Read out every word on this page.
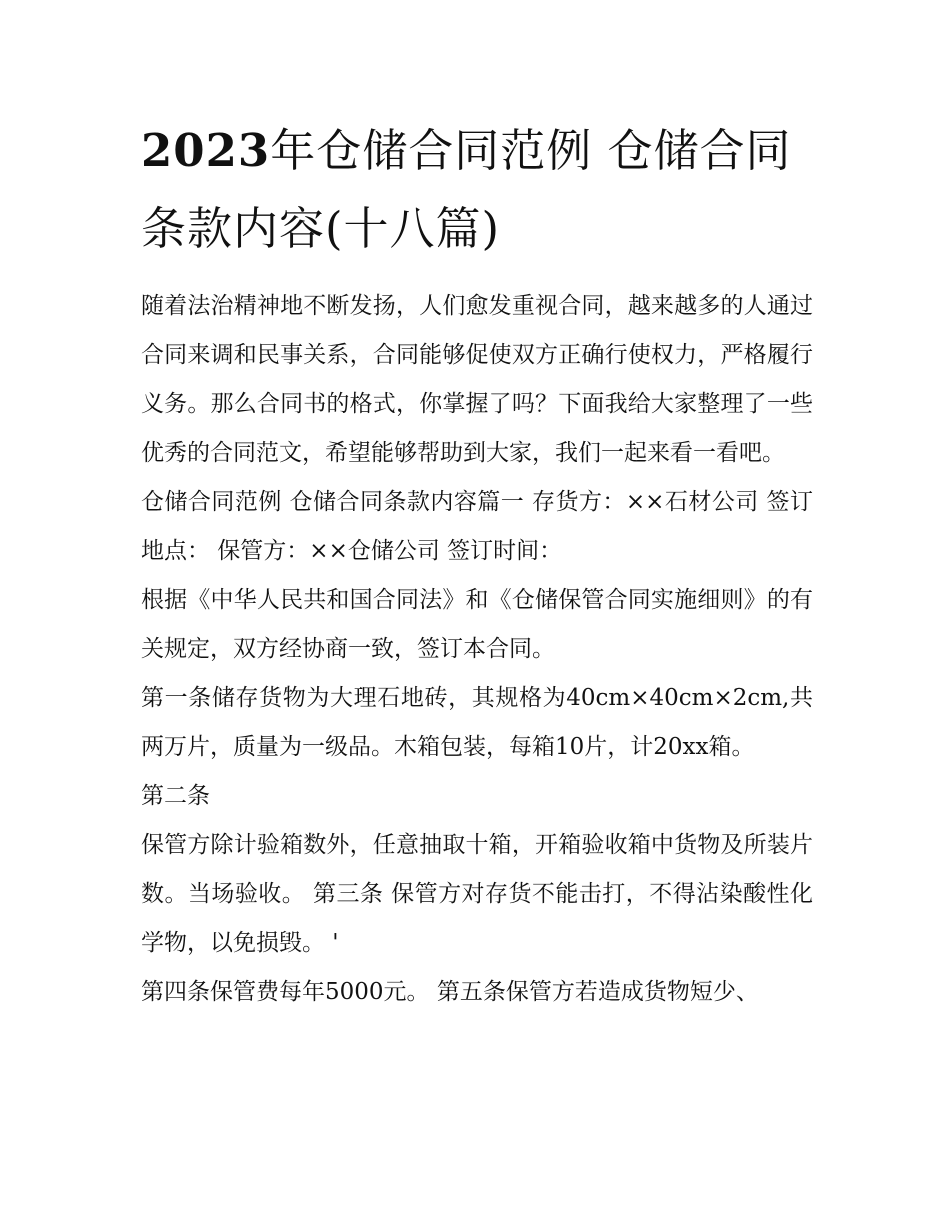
2023年仓储合同范例 仓储合同条款内容(十八篇)

随着法治精神地不断发扬，人们愈发重视合同，越来越多的人通过合同来调和民事关系，合同能够促使双方正确行使权力，严格履行义务。那么合同书的格式，你掌握了吗？下面我给大家整理了一些优秀的合同范文，希望能够帮助到大家，我们一起来看一看吧。

仓储合同范例 仓储合同条款内容篇一 存货方：××石材公司 签订地点： 保管方：××仓储公司 签订时间：

根据《中华人民共和国合同法》和《仓储保管合同实施细则》的有关规定，双方经协商一致，签订本合同。

第一条储存货物为大理石地砖，其规格为40cm×40cm×2cm,共两万片，质量为一级品。木箱包装，每箱10片，计20xx箱。

第二条

保管方除计验箱数外，任意抽取十箱，开箱验收箱中货物及所装片数。当场验收。 第三条 保管方对存货不能击打，不得沾染酸性化学物，以免损毁。 '

第四条保管费每年5000元。 第五条保管方若造成货物短少、
